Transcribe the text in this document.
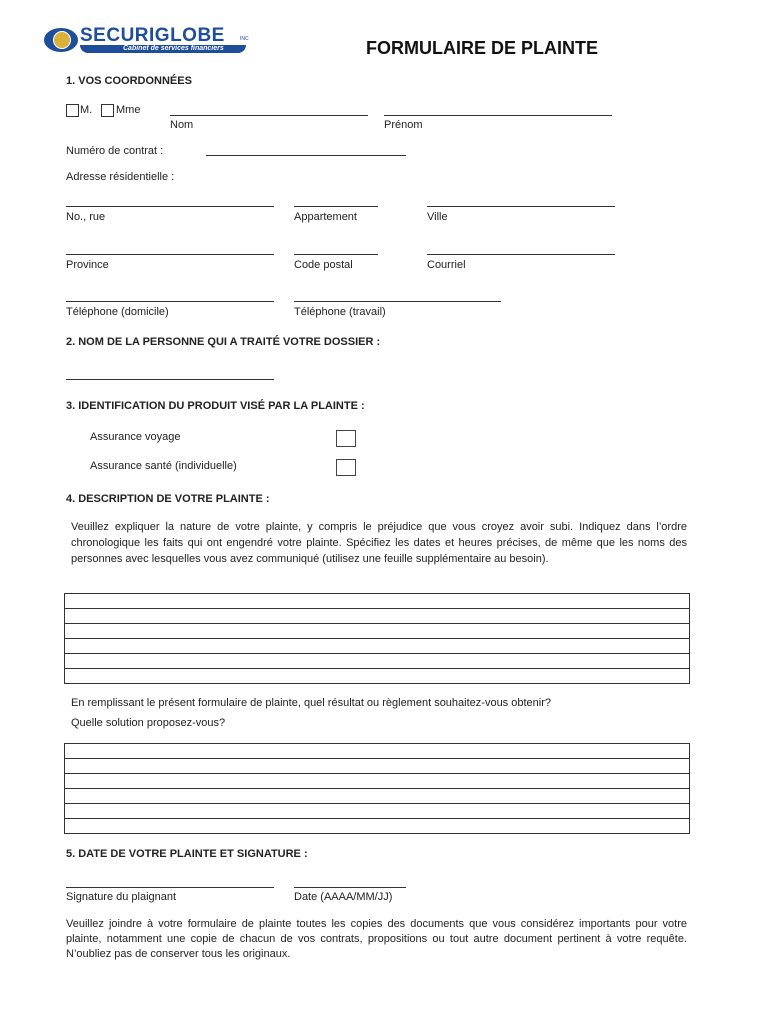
SECURIGLOBE
Cabinet de services financiers
INC	FORMULAIRE DE PLAINTE
1. VOS COORDONNÉES
M. Mme
Nom	Prénom
Numéro de contrat :
Adresse résidentielle :
No., rue	Appartement	Ville
Province	Code postal	Courriel
Téléphone (domicile)	Téléphone (travail)
2. NOM DE LA PERSONNE QUI A TRAITÉ VOTRE DOSSIER :
3. IDENTIFICATION DU PRODUIT VISÉ PAR LA PLAINTE :
Assurance voyage
Assurance santé (individuelle)
4. DESCRIPTION DE VOTRE PLAINTE :
Veuillez expliquer la nature de votre plainte, y compris le préjudice que vous croyez avoir subi. Indiquez dans l’ordre chronologique les faits qui ont engendré votre plainte. Spécifiez les dates et heures précises, de même que les noms des personnes avec lesquelles vous avez communiqué (utilisez une feuille supplémentaire au besoin).
En remplissant le présent formulaire de plainte, quel résultat ou règlement souhaitez-vous obtenir?
Quelle solution proposez-vous?
5. DATE DE VOTRE PLAINTE ET SIGNATURE :
Signature du plaignant	Date (AAAA/MM/JJ)
Veuillez joindre à votre formulaire de plainte toutes les copies des documents que vous considérez importants pour votre plainte, notamment une copie de chacun de vos contrats, propositions ou tout autre document pertinent à votre requête. N’oubliez pas de conserver tous les originaux.
